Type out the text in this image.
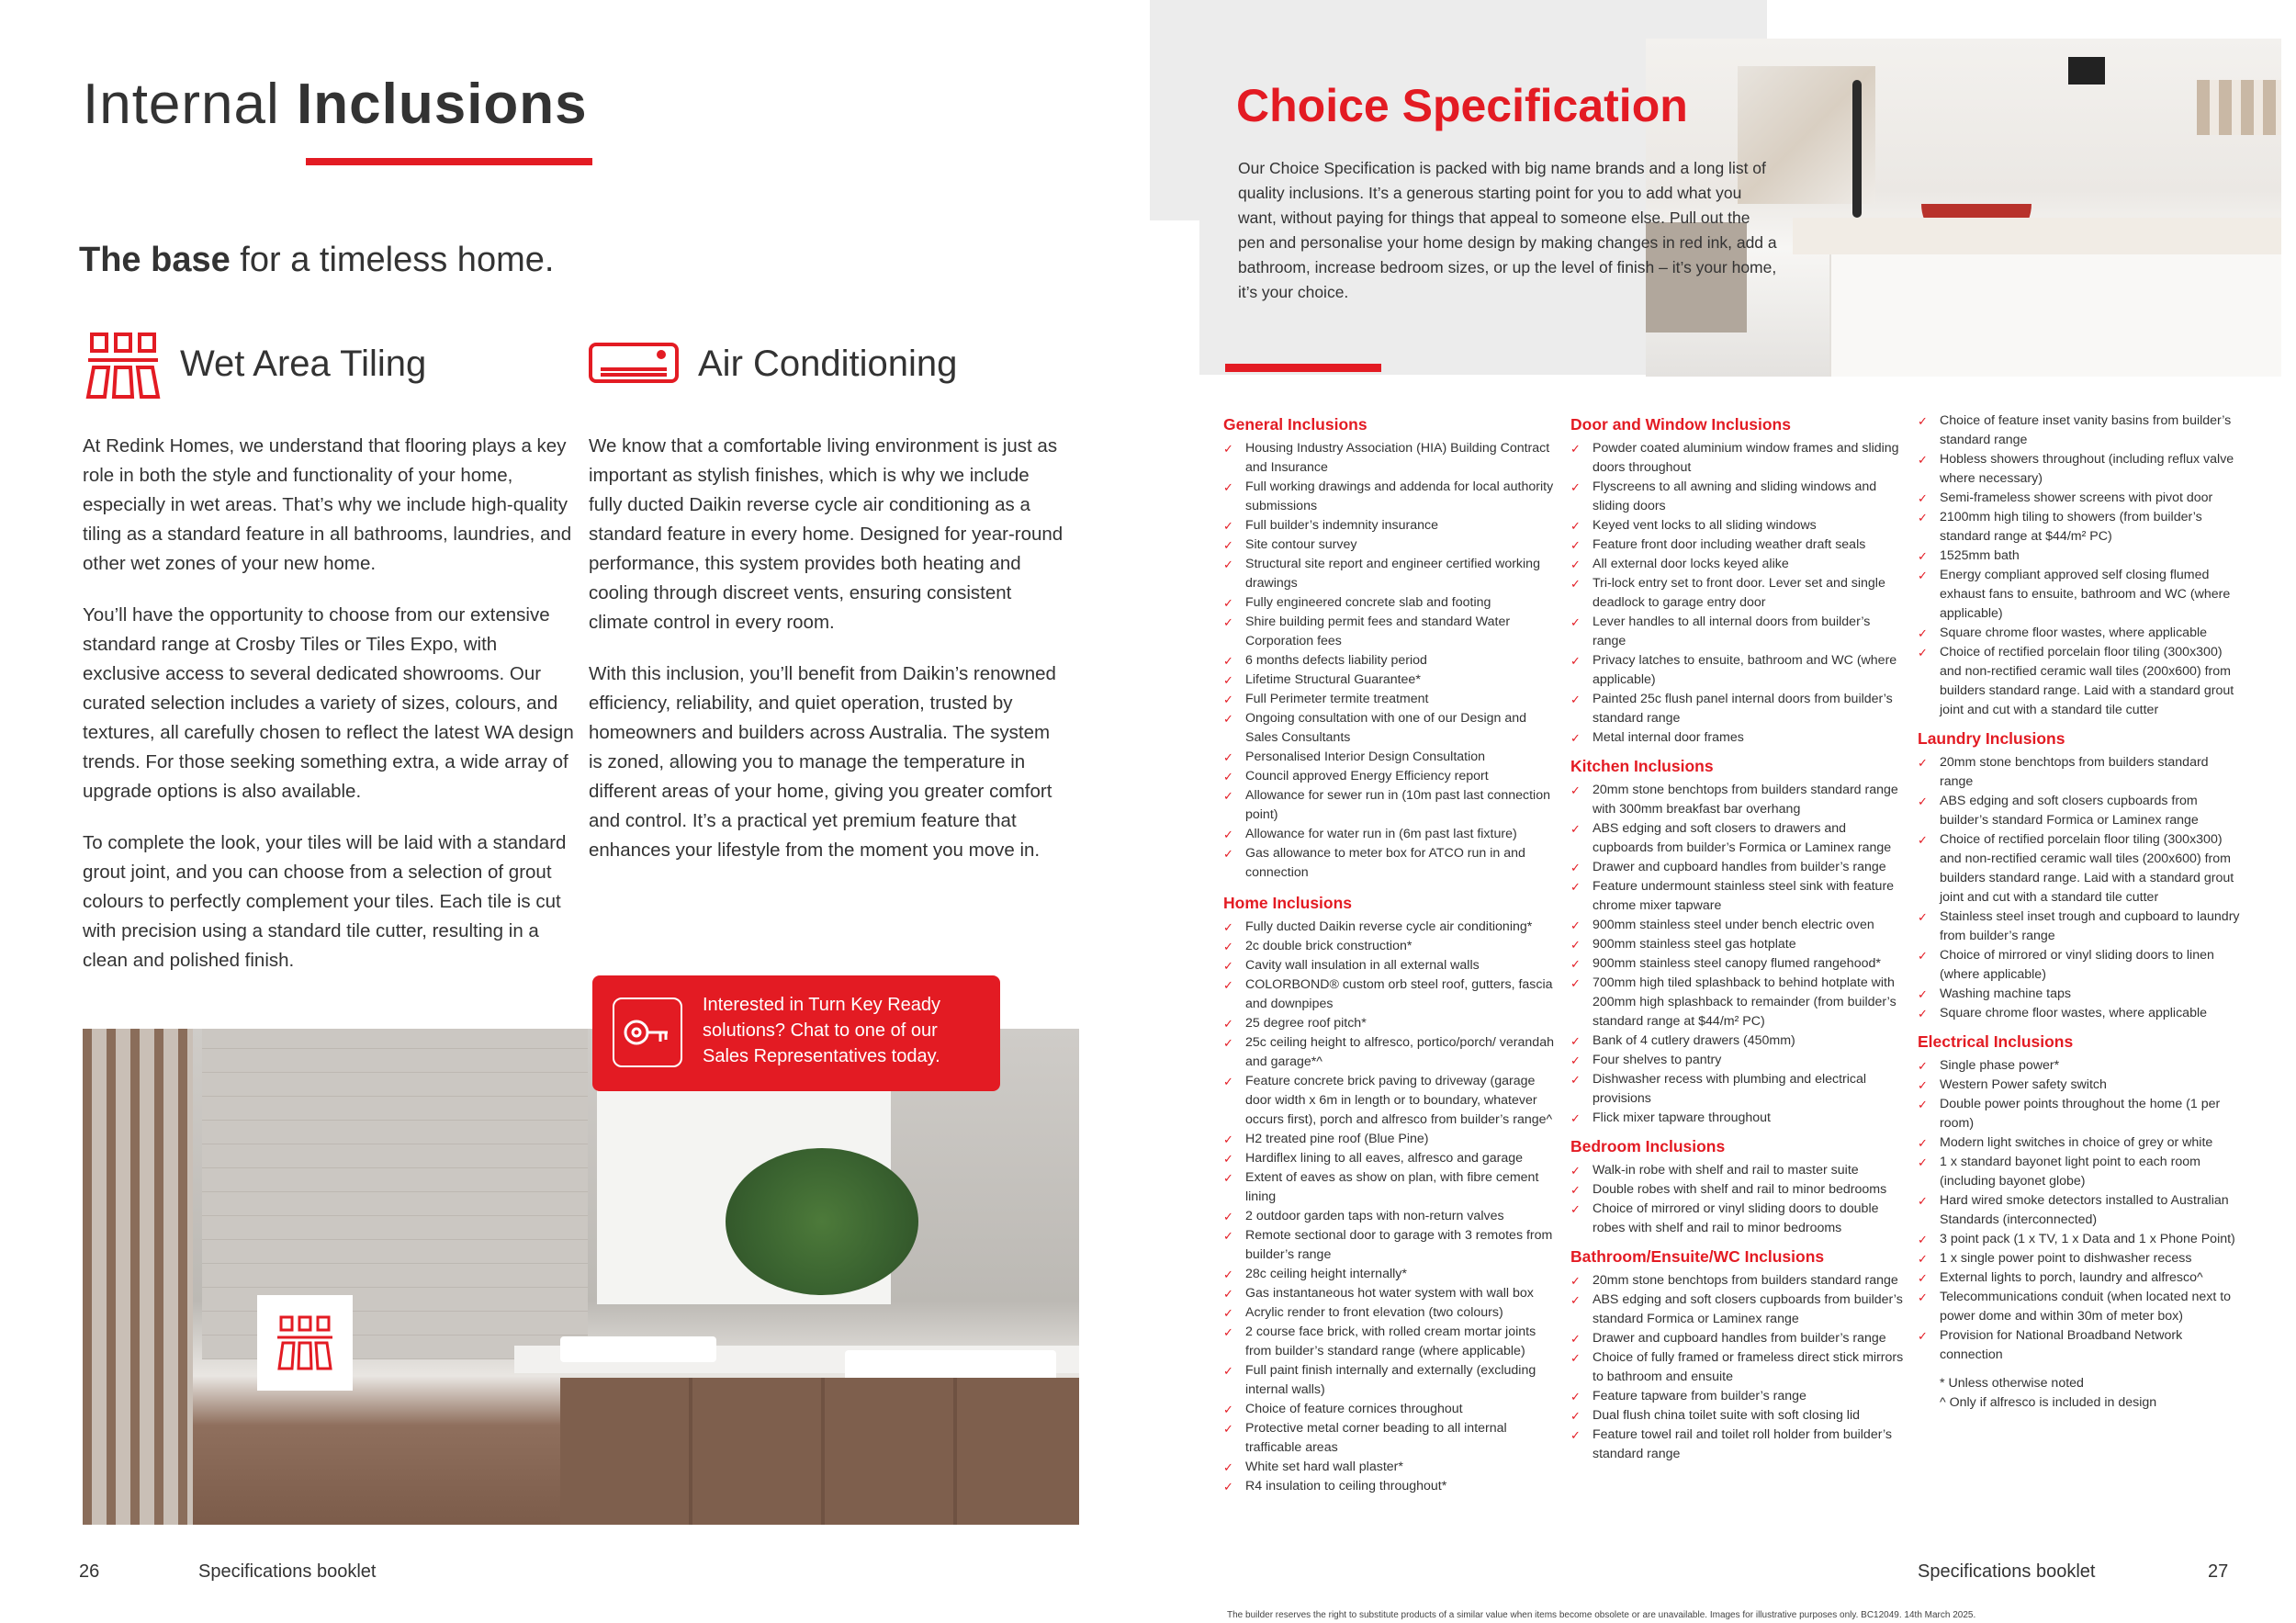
Internal Inclusions
The base for a timeless home.
Wet Area Tiling

At Redink Homes, we understand that flooring plays a key role in both the style and functionality of your home, especially in wet areas. That’s why we include high-quality tiling as a standard feature in all bathrooms, laundries, and other wet zones of your new home.

You’ll have the opportunity to choose from our extensive standard range at Crosby Tiles or Tiles Expo, with exclusive access to several dedicated showrooms. Our curated selection includes a variety of sizes, colours, and textures, all carefully chosen to reflect the latest WA design trends. For those seeking something extra, a wide array of upgrade options is also available.

To complete the look, your tiles will be laid with a standard grout joint, and you can choose from a selection of grout colours to perfectly complement your tiles. Each tile is cut with precision using a standard tile cutter, resulting in a clean and polished finish.

Air Conditioning

We know that a comfortable living environment is just as important as stylish finishes, which is why we include fully ducted Daikin reverse cycle air conditioning as a standard feature in every home. Designed for year-round performance, this system provides both heating and cooling through discreet vents, ensuring consistent climate control in every room.

With this inclusion, you’ll benefit from Daikin’s renowned efficiency, reliability, and quiet operation, trusted by homeowners and builders across Australia. The system is zoned, allowing you to manage the temperature in different areas of your home, giving you greater comfort and control. It’s a practical yet premium feature that enhances your lifestyle from the moment you move in.

Interested in Turn Key Ready solutions? Chat to one of our Sales Representatives today.
26	Specifications booklet
Choice Specification
Our Choice Specification is packed with big name brands and a long list of quality inclusions. It’s a generous starting point for you to add what you want, without paying for things that appeal to someone else. Pull out the pen and personalise your home design by making changes in red ink, add a bathroom, increase bedroom sizes, or up the level of finish – it’s your home, it’s your choice.
General Inclusions
✓ Housing Industry Association (HIA) Building Contract and Insurance
✓ Full working drawings and addenda for local authority submissions
✓ Full builder’s indemnity insurance
✓ Site contour survey
✓ Structural site report and engineer certified working drawings
✓ Fully engineered concrete slab and footing
✓ Shire building permit fees and standard Water Corporation fees
✓ 6 months defects liability period
✓ Lifetime Structural Guarantee*
✓ Full Perimeter termite treatment
✓ Ongoing consultation with one of our Design and Sales Consultants
✓ Personalised Interior Design Consultation
✓ Council approved Energy Efficiency report
✓ Allowance for sewer run in (10m past last connection point)
✓ Allowance for water run in (6m past last fixture)
✓ Gas allowance to meter box for ATCO run in and connection
Home Inclusions
✓ Fully ducted Daikin reverse cycle air conditioning*
✓ 2c double brick construction*
✓ Cavity wall insulation in all external walls
✓ COLORBOND® custom orb steel roof, gutters, fascia and downpipes
✓ 25 degree roof pitch*
✓ 25c ceiling height to alfresco, portico/porch/ verandah and garage*^
✓ Feature concrete brick paving to driveway (garage door width x 6m in length or to boundary, whatever occurs first), porch and alfresco from builder’s range^
✓ H2 treated pine roof (Blue Pine)
✓ Hardiflex lining to all eaves, alfresco and garage
✓ Extent of eaves as show on plan, with fibre cement lining
✓ 2 outdoor garden taps with non-return valves
✓ Remote sectional door to garage with 3 remotes from builder’s range
✓ 28c ceiling height internally*
✓ Gas instantaneous hot water system with wall box
✓ Acrylic render to front elevation (two colours)
✓ 2 course face brick, with rolled cream mortar joints from builder’s standard range (where applicable)
✓ Full paint finish internally and externally (excluding internal walls)
✓ Choice of feature cornices throughout
✓ Protective metal corner beading to all internal trafficable areas
✓ White set hard wall plaster*
✓ R4 insulation to ceiling throughout*
Door and Window Inclusions
✓ Powder coated aluminium window frames and sliding doors throughout
✓ Flyscreens to all awning and sliding windows and sliding doors
✓ Keyed vent locks to all sliding windows
✓ Feature front door including weather draft seals
✓ All external door locks keyed alike
✓ Tri-lock entry set to front door. Lever set and single deadlock to garage entry door
✓ Lever handles to all internal doors from builder’s range
✓ Privacy latches to ensuite, bathroom and WC (where applicable)
✓ Painted 25c flush panel internal doors from builder’s standard range
✓ Metal internal door frames
Kitchen Inclusions
✓ 20mm stone benchtops from builders standard range with 300mm breakfast bar overhang
✓ ABS edging and soft closers to drawers and cupboards from builder’s Formica or Laminex range
✓ Drawer and cupboard handles from builder’s range
✓ Feature undermount stainless steel sink with feature chrome mixer tapware
✓ 900mm stainless steel under bench electric oven
✓ 900mm stainless steel gas hotplate
✓ 900mm stainless steel canopy flumed rangehood*
✓ 700mm high tiled splashback to behind hotplate with 200mm high splashback to remainder (from builder’s standard range at $44/m² PC)
✓ Bank of 4 cutlery drawers (450mm)
✓ Four shelves to pantry
✓ Dishwasher recess with plumbing and electrical provisions
✓ Flick mixer tapware throughout
Bedroom Inclusions
✓ Walk-in robe with shelf and rail to master suite
✓ Double robes with shelf and rail to minor bedrooms
✓ Choice of mirrored or vinyl sliding doors to double robes with shelf and rail to minor bedrooms
Bathroom/Ensuite/WC Inclusions
✓ 20mm stone benchtops from builders standard range
✓ ABS edging and soft closers cupboards from builder’s standard Formica or Laminex range
✓ Drawer and cupboard handles from builder’s range
✓ Choice of fully framed or frameless direct stick mirrors to bathroom and ensuite
✓ Feature tapware from builder’s range
✓ Dual flush china toilet suite with soft closing lid
✓ Feature towel rail and toilet roll holder from builder’s standard range
✓ Choice of feature inset vanity basins from builder’s standard range
✓ Hobless showers throughout (including reflux valve where necessary)
✓ Semi-frameless shower screens with pivot door
✓ 2100mm high tiling to showers (from builder’s standard range at $44/m² PC)
✓ 1525mm bath
✓ Energy compliant approved self closing flumed exhaust fans to ensuite, bathroom and WC (where applicable)
✓ Square chrome floor wastes, where applicable
✓ Choice of rectified porcelain floor tiling (300x300) and non-rectified ceramic wall tiles (200x600) from builders standard range. Laid with a standard grout joint and cut with a standard tile cutter
Laundry Inclusions
✓ 20mm stone benchtops from builders standard range
✓ ABS edging and soft closers cupboards from builder’s standard Formica or Laminex range
✓ Choice of rectified porcelain floor tiling (300x300) and non-rectified ceramic wall tiles (200x600) from builders standard range. Laid with a standard grout joint and cut with a standard tile cutter
✓ Stainless steel inset trough and cupboard to laundry from builder’s range
✓ Choice of mirrored or vinyl sliding doors to linen (where applicable)
✓ Washing machine taps
✓ Square chrome floor wastes, where applicable
Electrical Inclusions
✓ Single phase power*
✓ Western Power safety switch
✓ Double power points throughout the home (1 per room)
✓ Modern light switches in choice of grey or white
✓ 1 x standard bayonet light point to each room (including bayonet globe)
✓ Hard wired smoke detectors installed to Australian Standards (interconnected)
✓ 3 point pack (1 x TV, 1 x Data and 1 x Phone Point)
✓ 1 x single power point to dishwasher recess
✓ External lights to porch, laundry and alfresco^
✓ Telecommunications conduit (when located next to power dome and within 30m of meter box)
✓ Provision for National Broadband Network connection
* Unless otherwise noted
^ Only if alfresco is included in design
Specifications booklet	27
The builder reserves the right to substitute products of a similar value when items become obsolete or are unavailable. Images for illustrative purposes only. BC12049. 14th March 2025.
